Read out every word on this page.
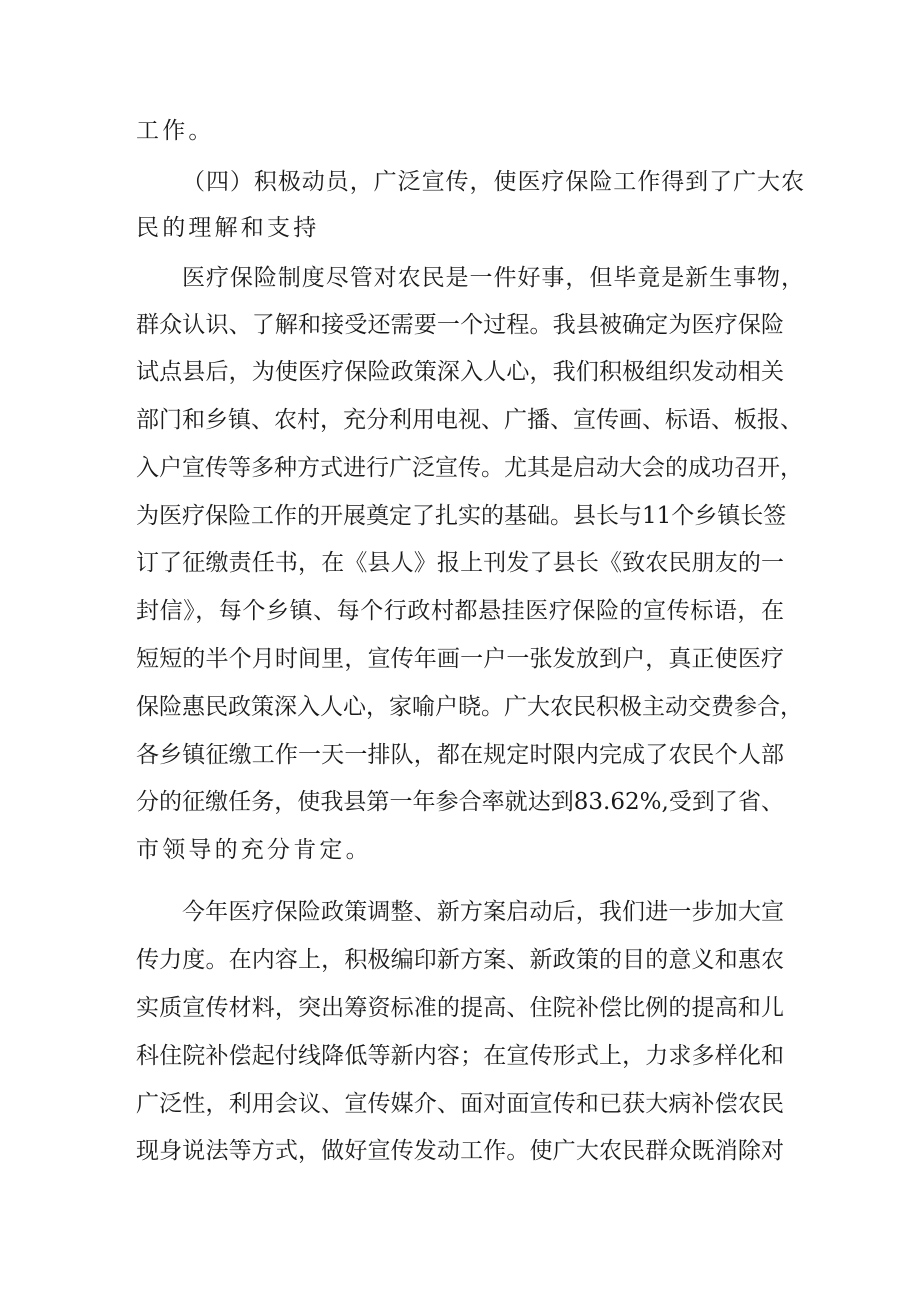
工作。
（四）积极动员，广泛宣传，使医疗保险工作得到了广大农
民的理解和支持
医疗保险制度尽管对农民是一件好事，但毕竟是新生事物，
群众认识、了解和接受还需要一个过程。我县被确定为医疗保险
试点县后，为使医疗保险政策深入人心，我们积极组织发动相关
部门和乡镇、农村，充分利用电视、广播、宣传画、标语、板报、
入户宣传等多种方式进行广泛宣传。尤其是启动大会的成功召开，
为医疗保险工作的开展奠定了扎实的基础。县长与11个乡镇长签
订了征缴责任书，在《县人》报上刊发了县长《致农民朋友的一
封信》，每个乡镇、每个行政村都悬挂医疗保险的宣传标语，在
短短的半个月时间里，宣传年画一户一张发放到户，真正使医疗
保险惠民政策深入人心，家喻户晓。广大农民积极主动交费参合，
各乡镇征缴工作一天一排队，都在规定时限内完成了农民个人部
分的征缴任务，使我县第一年参合率就达到83.62%,受到了省、
市领导的充分肯定。
今年医疗保险政策调整、新方案启动后，我们进一步加大宣
传力度。在内容上，积极编印新方案、新政策的目的意义和惠农
实质宣传材料，突出筹资标准的提高、住院补偿比例的提高和儿
科住院补偿起付线降低等新内容；在宣传形式上，力求多样化和
广泛性，利用会议、宣传媒介、面对面宣传和已获大病补偿农民
现身说法等方式，做好宣传发动工作。使广大农民群众既消除对
